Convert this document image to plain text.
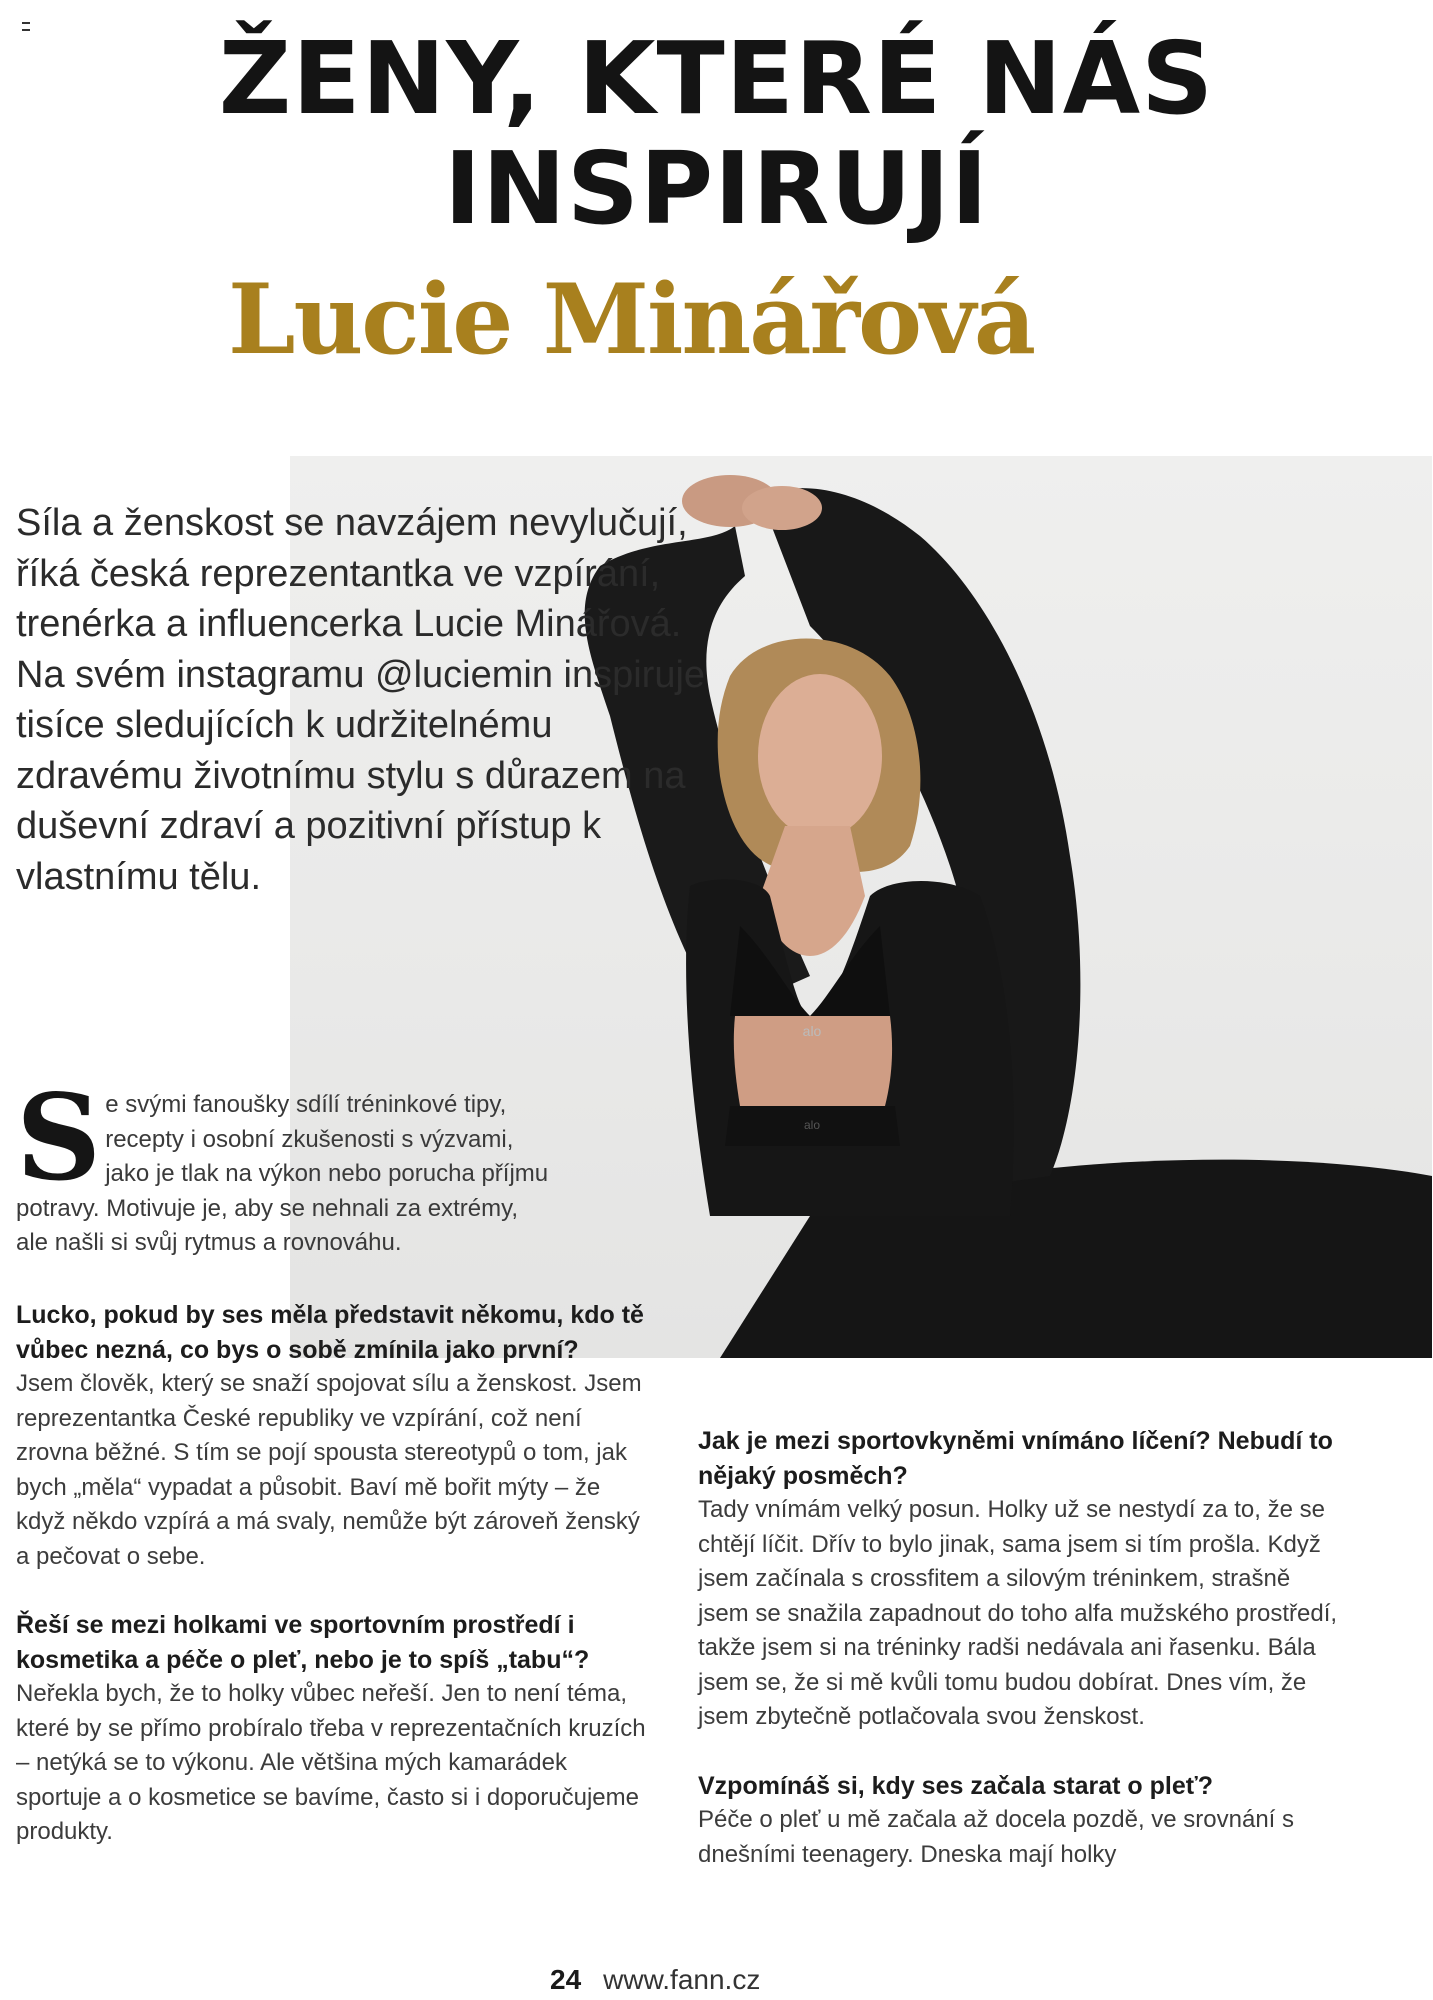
ŽENY, KTERÉ NÁS INSPIRUJÍ
Lucie Minářová
alo
alo

Síla a ženskost se navzájem nevylučují, říká česká reprezentantka ve vzpírání, trenérka a influencerka Lucie Minářová. Na svém instagramu @luciemin inspiruje tisíce sledujících k udržitelnému zdravému životnímu stylu s důrazem na duševní zdraví a pozitivní přístup k vlastnímu tělu.

Se svými fanoušky sdílí tréninkové tipy, recepty i osobní zkušenosti s výzvami, jako je tlak na výkon nebo porucha příjmu potravy. Motivuje je, aby se nehnali za extrémy, ale našli si svůj rytmus a rovnováhu.

Lucko, pokud by ses měla představit někomu, kdo tě vůbec nezná, co bys o sobě zmínila jako první?

Jsem člověk, který se snaží spojovat sílu a ženskost. Jsem reprezentantka České republiky ve vzpírání, což není zrovna běžné. S tím se pojí spousta stereotypů o tom, jak bych „měla“ vypadat a působit. Baví mě bořit mýty – že když někdo vzpírá a má svaly, nemůže být zároveň ženský a pečovat o sebe.

Řeší se mezi holkami ve sportovním prostředí i kosmetika a péče o pleť, nebo je to spíš „tabu“?

Neřekla bych, že to holky vůbec neřeší. Jen to není téma, které by se přímo probíralo třeba v reprezentačních kruzích – netýká se to výkonu. Ale většina mých kamarádek sportuje a o kosmetice se bavíme, často si i doporučujeme produkty.

Jak je mezi sportovkyněmi vnímáno líčení? Nebudí to nějaký posměch?

Tady vnímám velký posun. Holky už se nestydí za to, že se chtějí líčit. Dřív to bylo jinak, sama jsem si tím prošla. Když jsem začínala s crossfitem a silovým tréninkem, strašně jsem se snažila zapadnout do toho alfa mužského prostředí, takže jsem si na tréninky radši nedávala ani řasenku. Bála jsem se, že si mě kvůli tomu budou dobírat. Dnes vím, že jsem zbytečně potlačovala svou ženskost.

Vzpomínáš si, kdy ses začala starat o pleť?

Péče o pleť u mě začala až docela pozdě, ve srovnání s dnešními teenagery. Dneska mají holky

24 www.fann.cz
